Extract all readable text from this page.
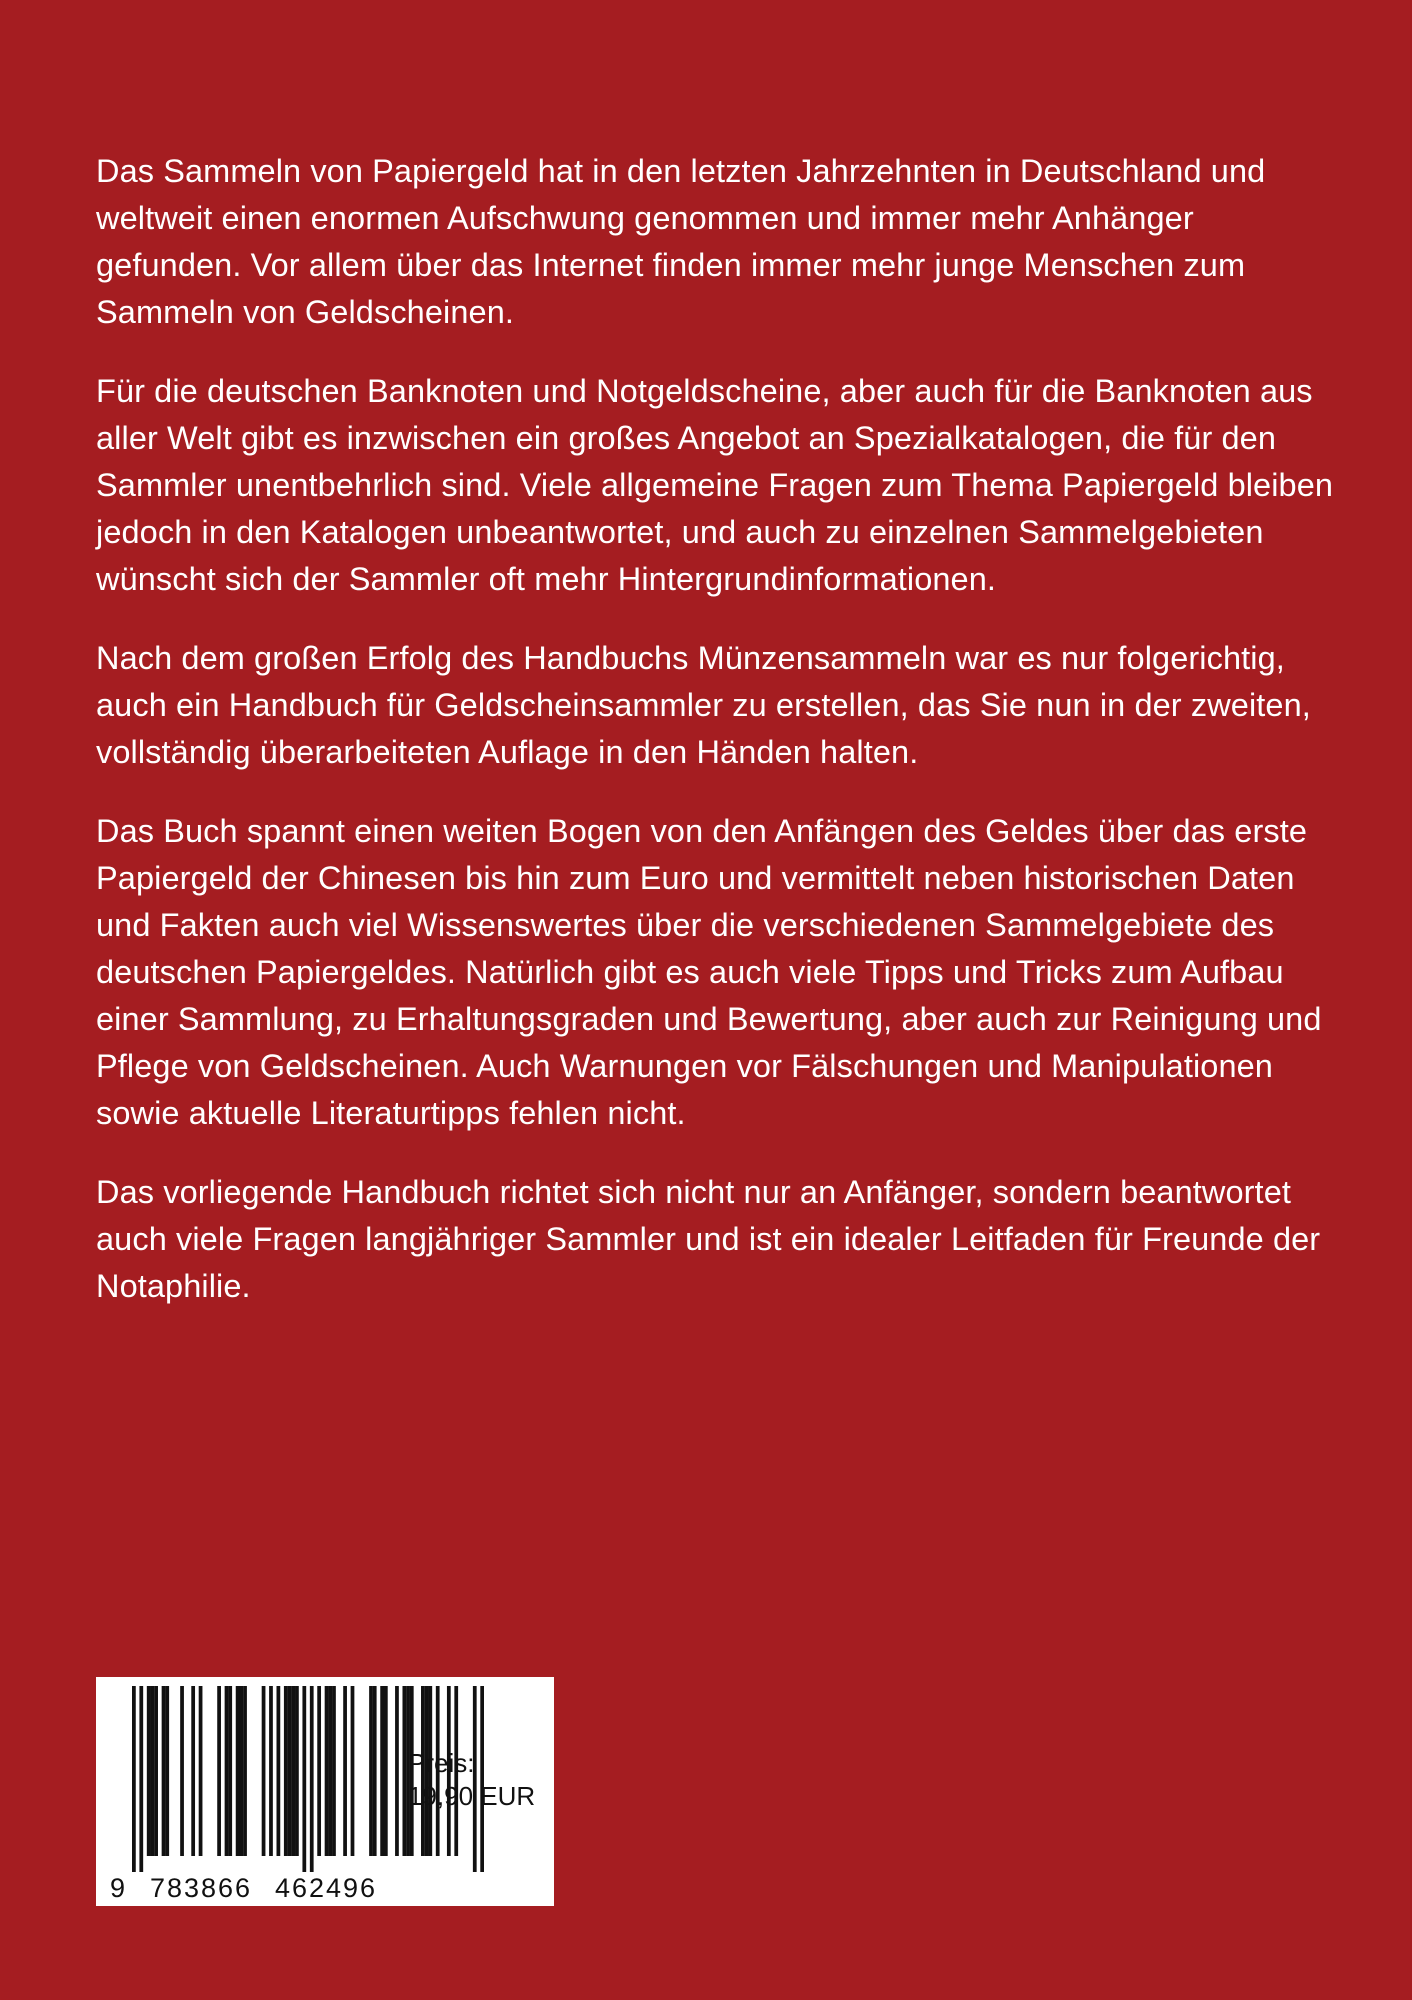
Das Sammeln von Papiergeld hat in den letzten Jahrzehnten in Deutschland und weltweit einen enormen Aufschwung genommen und immer mehr Anhänger gefunden. Vor allem über das Internet finden immer mehr junge Menschen zum Sammeln von Geldscheinen.

Für die deutschen Banknoten und Notgeldscheine, aber auch für die Banknoten aus aller Welt gibt es inzwischen ein großes Angebot an Spezialkatalogen, die für den Sammler unentbehrlich sind. Viele allgemeine Fragen zum Thema Papiergeld bleiben jedoch in den Katalogen unbeantwortet, und auch zu einzelnen Sammelgebieten wünscht sich der Sammler oft mehr Hintergrundinformationen.

Nach dem großen Erfolg des Handbuchs Münzensammeln war es nur folgerichtig, auch ein Handbuch für Geldscheinsammler zu erstellen, das Sie nun in der zweiten, vollständig überarbeiteten Auflage in den Händen halten.

Das Buch spannt einen weiten Bogen von den Anfängen des Geldes über das erste Papiergeld der Chinesen bis hin zum Euro und vermittelt neben historischen Daten und Fakten auch viel Wissenswertes über die verschiedenen Sammelgebiete des deutschen Papiergeldes. Natürlich gibt es auch viele Tipps und Tricks zum Aufbau einer Sammlung, zu Erhaltungsgraden und Bewertung, aber auch zur Reinigung und Pflege von Geldscheinen. Auch Warnungen vor Fälschungen und Manipulationen sowie aktuelle Literaturtipps fehlen nicht.

Das vorliegende Handbuch richtet sich nicht nur an Anfänger, sondern beantwortet auch viele Fragen langjähriger Sammler und ist ein idealer Leitfaden für Freunde der Notaphilie.

9 783866 462496
Preis:
19,90 EUR
